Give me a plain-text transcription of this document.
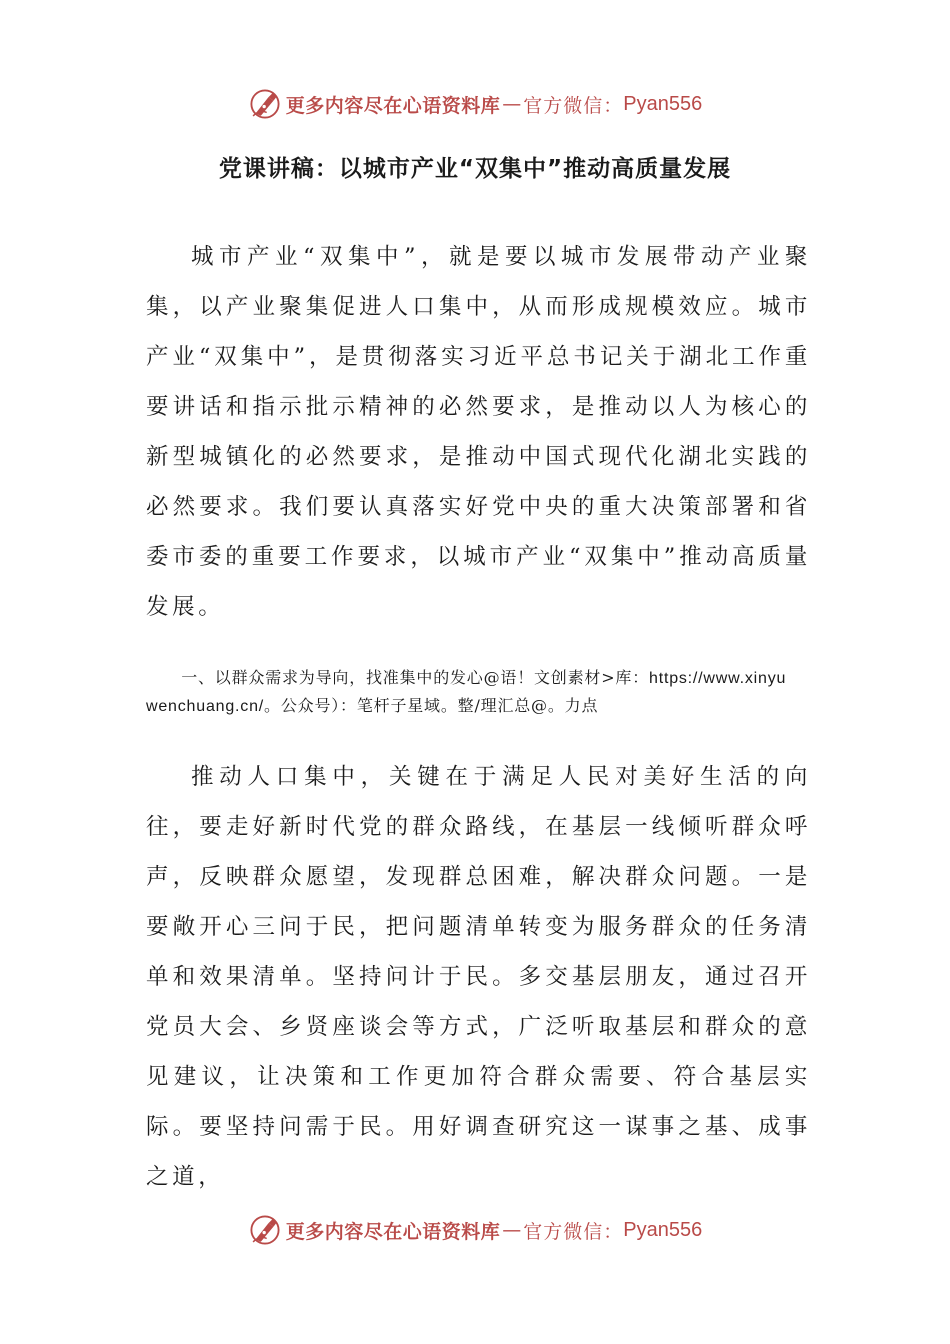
更多内容尽在心语资料库 — 官方微信： Pyan556
党课讲稿：以城市产业“双集中”推动高质量发展

城市产业“双集中”，就是要以城市发展带动产业聚集，以产业聚集促进人口集中，从而形成规模效应。城市产业“双集中”，是贯彻落实习近平总书记关于湖北工作重要讲话和指示批示精神的必然要求，是推动以人为核心的新型城镇化的必然要求，是推动中国式现代化湖北实践的必然要求。我们要认真落实好党中央的重大决策部署和省委市委的重要工作要求，以城市产业“双集中”推动高质量发展。

一、以群众需求为导向，找准集中的发心@语！文创素材>库：https://www.xinyuwenchuang.cn/。公众号）：笔杆子星域。整/理汇总@。力点

推动人口集中，关键在于满足人民对美好生活的向往，要走好新时代党的群众路线，在基层一线倾听群众呼声，反映群众愿望，发现群总困难，解决群众问题。一是要敞开心三问于民，把问题清单转变为服务群众的任务清单和效果清单。坚持问计于民。多交基层朋友，通过召开党员大会、乡贤座谈会等方式，广泛听取基层和群众的意见建议，让决策和工作更加符合群众需要、符合基层实际。要坚持问需于民。用好调查研究这一谋事之基、成事之道，

更多内容尽在心语资料库 — 官方微信： Pyan556
